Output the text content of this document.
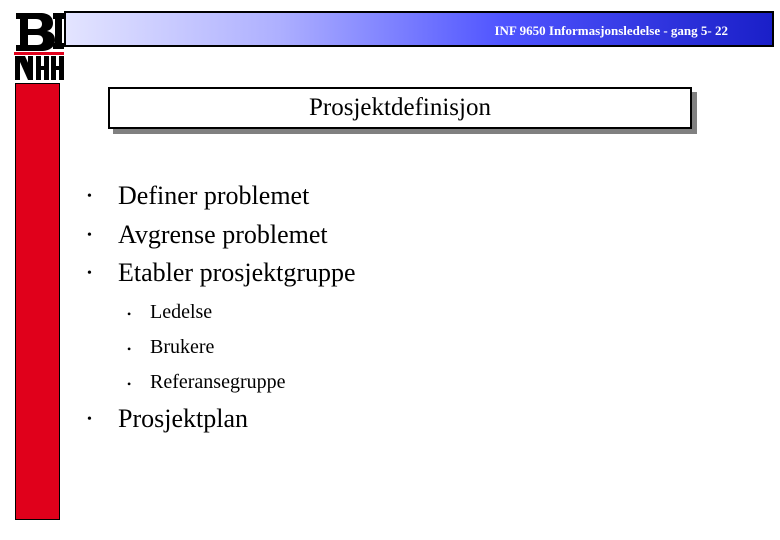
INF 9650 Informasjonsledelse - gang 5- 22
Prosjektdefinisjon
• Definer problemet
• Avgrense problemet
• Etabler prosjektgruppe
• Ledelse
• Brukere
• Referansegruppe
• Prosjektplan
